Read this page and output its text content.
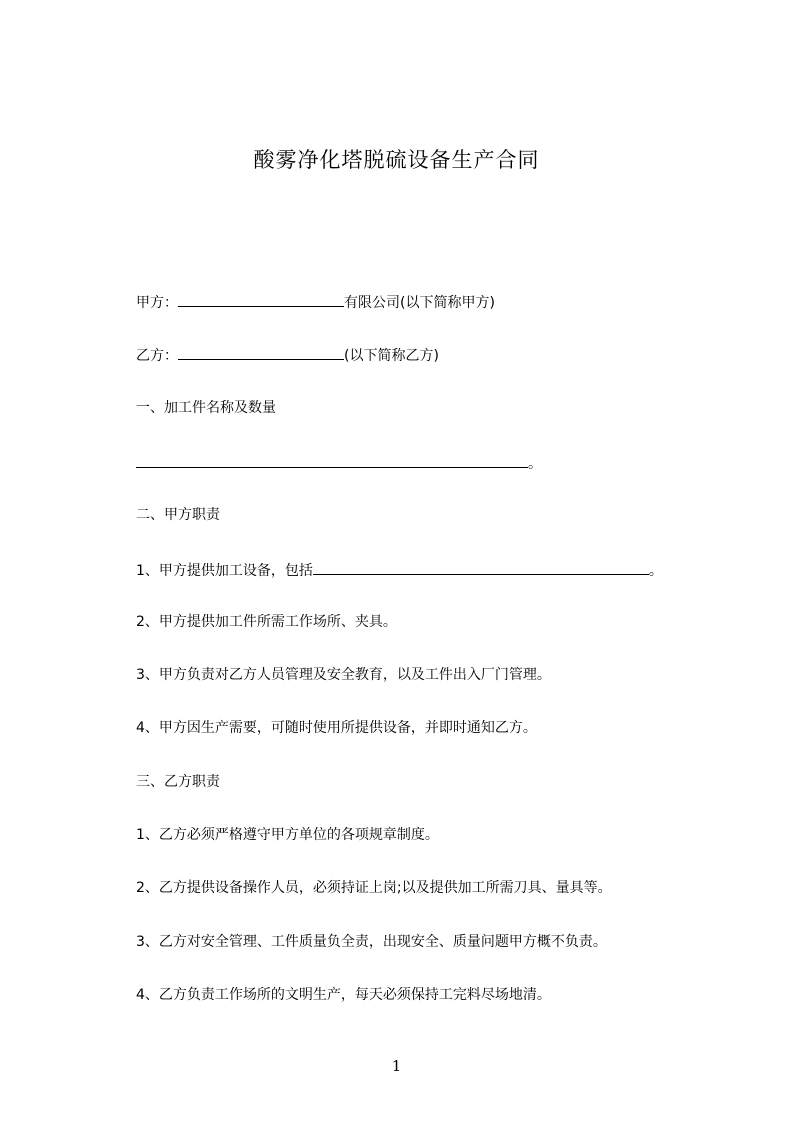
酸雾净化塔脱硫设备生产合同
甲方：	有限公司(以下简称甲方)
乙方：	(以下简称乙方)
一、加工件名称及数量
。
二、甲方职责
1、甲方提供加工设备，包括	。
2、甲方提供加工件所需工作场所、夹具。
3、甲方负责对乙方人员管理及安全教育，以及工件出入厂门管理。
4、甲方因生产需要，可随时使用所提供设备，并即时通知乙方。
三、乙方职责
1、乙方必须严格遵守甲方单位的各项规章制度。
2、乙方提供设备操作人员，必须持证上岗;以及提供加工所需刀具、量具等。
3、乙方对安全管理、工件质量负全责，出现安全、质量问题甲方概不负责。
4、乙方负责工作场所的文明生产，每天必须保持工完料尽场地清。
1
